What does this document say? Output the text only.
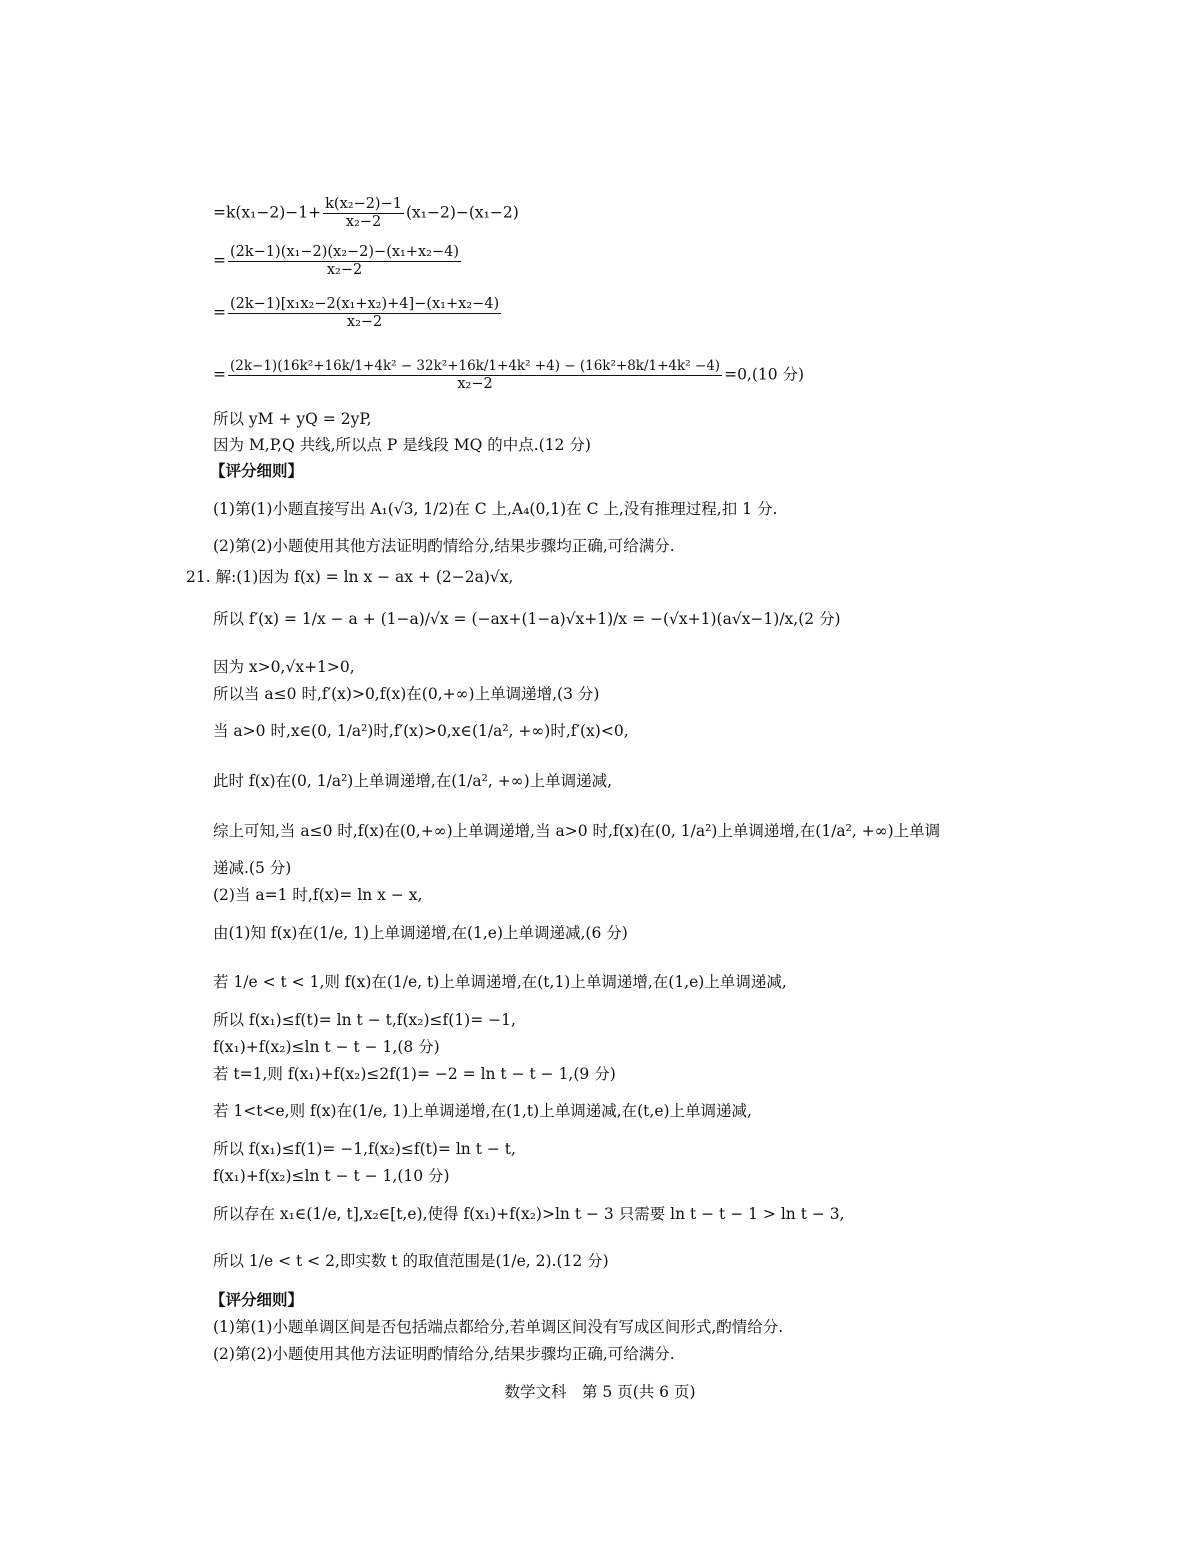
$=k(x_1-2)-1+ \frac{\text{k(x₂−2)−1}}{\text{x₂−2}} (x_1-2)-(x_1-2)$
= $\frac{\text{(2k−1)(x₁−2)(x₂−2)−(x₁+x₂−4)}}{\text{x₂−2}}$
= $\frac{\text{(2k−1)[x₁x₂−2(x₁+x₂)+4]−(x₁+x₂−4)}}{\text{x₂−2}}$
= (2k−1)(16k²+16k/1+4k² − 32k²+16k/1+4k² +4) − (16k²+8k/1+4k² −4)
x₂−2
=0,(10 分)
所以 yM + yQ = 2yP,
因为 M,P,Q 共线,所以点 P 是线段 MQ 的中点.(12 分)
【评分细则】
(1)第(1)小题直接写出 A₁(√3, 1/2)在 C 上,A₄(0,1)在 C 上,没有推理过程,扣 1 分.
(2)第(2)小题使用其他方法证明酌情给分,结果步骤均正确,可给满分.
21. 解:(1)因为 f(x) = ln x − ax + (2−2a)√x,
所以 f′(x) = 1/x − a + (1−a)/√x = (−ax+(1−a)√x+1)/x = −(√x+1)(a√x−1)/x,(2 分)
因为 x>0,√x+1>0,
所以当 a≤0 时,f′(x)>0,f(x)在(0,+∞)上单调递增,(3 分)
当 a>0 时,x∈(0, 1/a²)时,f′(x)>0,x∈(1/a², +∞)时,f′(x)<0,
此时 f(x)在(0, 1/a²)上单调递增,在(1/a², +∞)上单调递减,
综上可知,当 a≤0 时,f(x)在(0,+∞)上单调递增,当 a>0 时,f(x)在(0, 1/a²)上单调递增,在(1/a², +∞)上单调
递减.(5 分)
(2)当 a=1 时,f(x)= ln x − x,
由(1)知 f(x)在(1/e, 1)上单调递增,在(1,e)上单调递减,(6 分)
若 1/e < t < 1,则 f(x)在(1/e, t)上单调递增,在(t,1)上单调递增,在(1,e)上单调递减,
所以 f(x₁)≤f(t)= ln t − t,f(x₂)≤f(1)= −1,
f(x₁)+f(x₂)≤ln t − t − 1,(8 分)
若 t=1,则 f(x₁)+f(x₂)≤2f(1)= −2 = ln t − t − 1,(9 分)
若 1<t<e,则 f(x)在(1/e, 1)上单调递增,在(1,t)上单调递减,在(t,e)上单调递减,
所以 f(x₁)≤f(1)= −1,f(x₂)≤f(t)= ln t − t,
f(x₁)+f(x₂)≤ln t − t − 1,(10 分)
所以存在 x₁∈(1/e, t],x₂∈[t,e),使得 f(x₁)+f(x₂)>ln t − 3 只需要 ln t − t − 1 > ln t − 3,
所以 1/e < t < 2,即实数 t 的取值范围是(1/e, 2).(12 分)
【评分细则】
(1)第(1)小题单调区间是否包括端点都给分,若单调区间没有写成区间形式,酌情给分.
(2)第(2)小题使用其他方法证明酌情给分,结果步骤均正确,可给满分.
数学文科　第 5 页(共 6 页)
